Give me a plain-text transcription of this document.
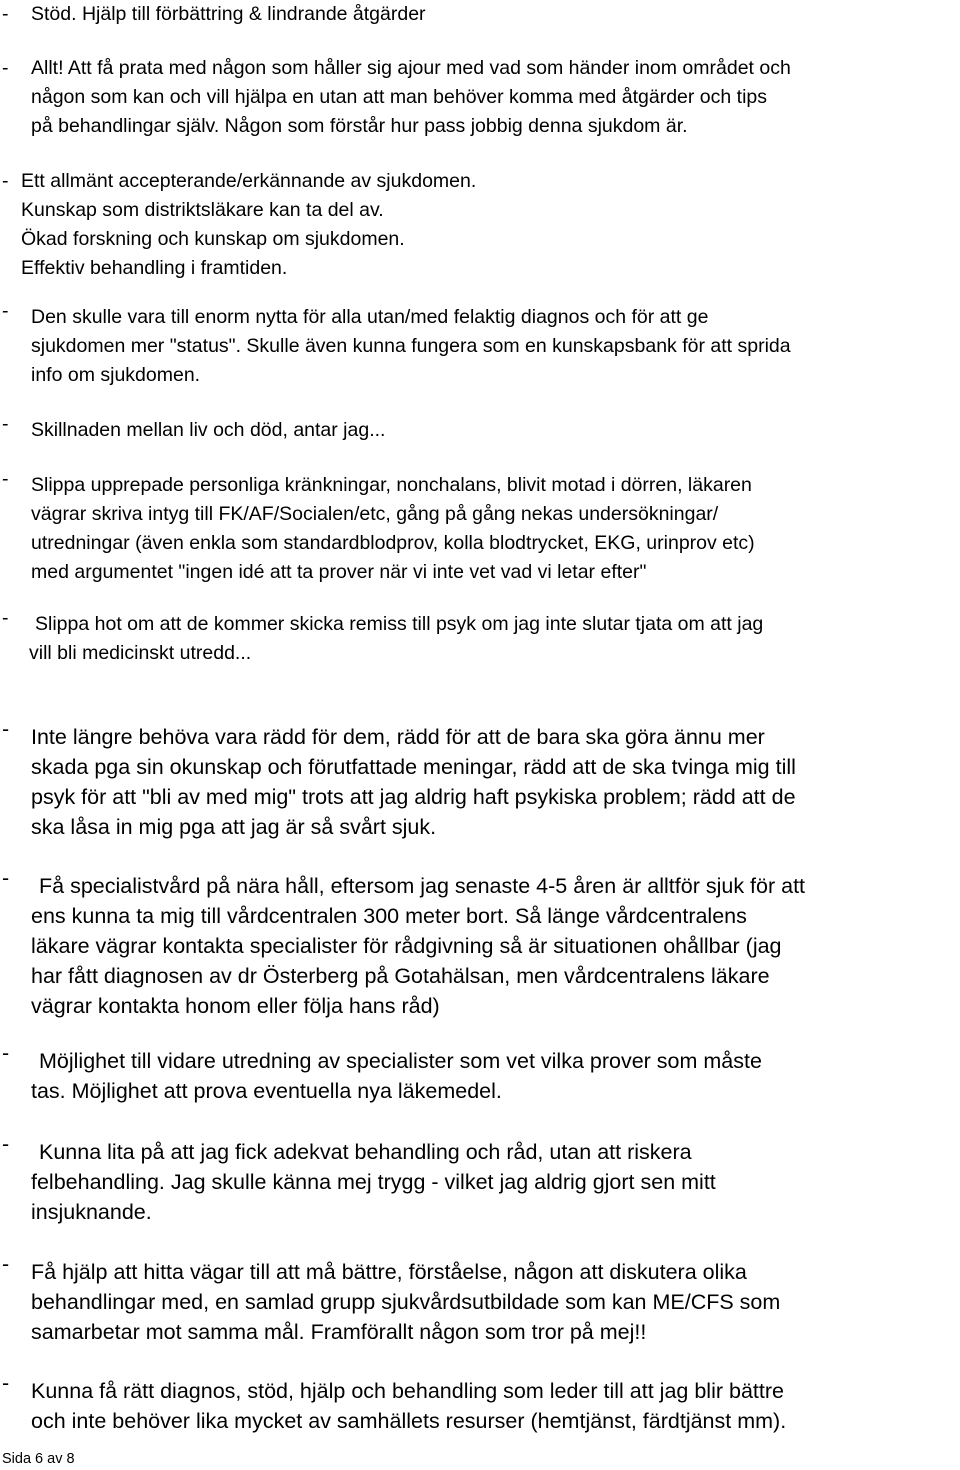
- Stöd. Hjälp till förbättring & lindrande åtgärder
- Allt! Att få prata med någon som håller sig ajour med vad som händer inom området och
någon som kan och vill hjälpa en utan att man behöver komma med åtgärder och tips
på behandlingar själv. Någon som förstår hur pass jobbig denna sjukdom är.
- Ett allmänt accepterande/erkännande av sjukdomen.
Kunskap som distriktsläkare kan ta del av.
Ökad forskning och kunskap om sjukdomen.
Effektiv behandling i framtiden.
- Den skulle vara till enorm nytta för alla utan/med felaktig diagnos och för att ge
sjukdomen mer "status". Skulle även kunna fungera som en kunskapsbank för att sprida
info om sjukdomen.
- Skillnaden mellan liv och död, antar jag...
- Slippa upprepade personliga kränkningar, nonchalans, blivit motad i dörren, läkaren
vägrar skriva intyg till FK/AF/Socialen/etc, gång på gång nekas undersökningar/
utredningar (även enkla som standardblodprov, kolla blodtrycket, EKG, urinprov etc)
med argumentet "ingen idé att ta prover när vi inte vet vad vi letar efter"
-	Slippa hot om att de kommer skicka remiss till psyk om jag inte slutar tjata om att jag
vill bli medicinskt utredd...
- Inte längre behöva vara rädd för dem, rädd för att de bara ska göra ännu mer
skada pga sin okunskap och förutfattade meningar, rädd att de ska tvinga mig till
psyk för att "bli av med mig" trots att jag aldrig haft psykiska problem; rädd att de
ska låsa in mig pga att jag är så svårt sjuk.
-	Få specialistvård på nära håll, eftersom jag senaste 4-5 åren är alltför sjuk för att
ens kunna ta mig till vårdcentralen 300 meter bort. Så länge vårdcentralens
läkare vägrar kontakta specialister för rådgivning så är situationen ohållbar (jag
har fått diagnosen av dr Österberg på Gotahälsan, men vårdcentralens läkare
vägrar kontakta honom eller följa hans råd)
-	Möjlighet till vidare utredning av specialister som vet vilka prover som måste
tas. Möjlighet att prova eventuella nya läkemedel.
-	Kunna lita på att jag fick adekvat behandling och råd, utan att riskera
felbehandling. Jag skulle känna mej trygg - vilket jag aldrig gjort sen mitt
insjuknande.
- Få hjälp att hitta vägar till att må bättre, förståelse, någon att diskutera olika
behandlingar med, en samlad grupp sjukvårdsutbildade som kan ME/CFS som
samarbetar mot samma mål. Framförallt någon som tror på mej!!
- Kunna få rätt diagnos, stöd, hjälp och behandling som leder till att jag blir bättre
och inte behöver lika mycket av samhällets resurser (hemtjänst, färdtjänst mm).
Sida 6 av 8
